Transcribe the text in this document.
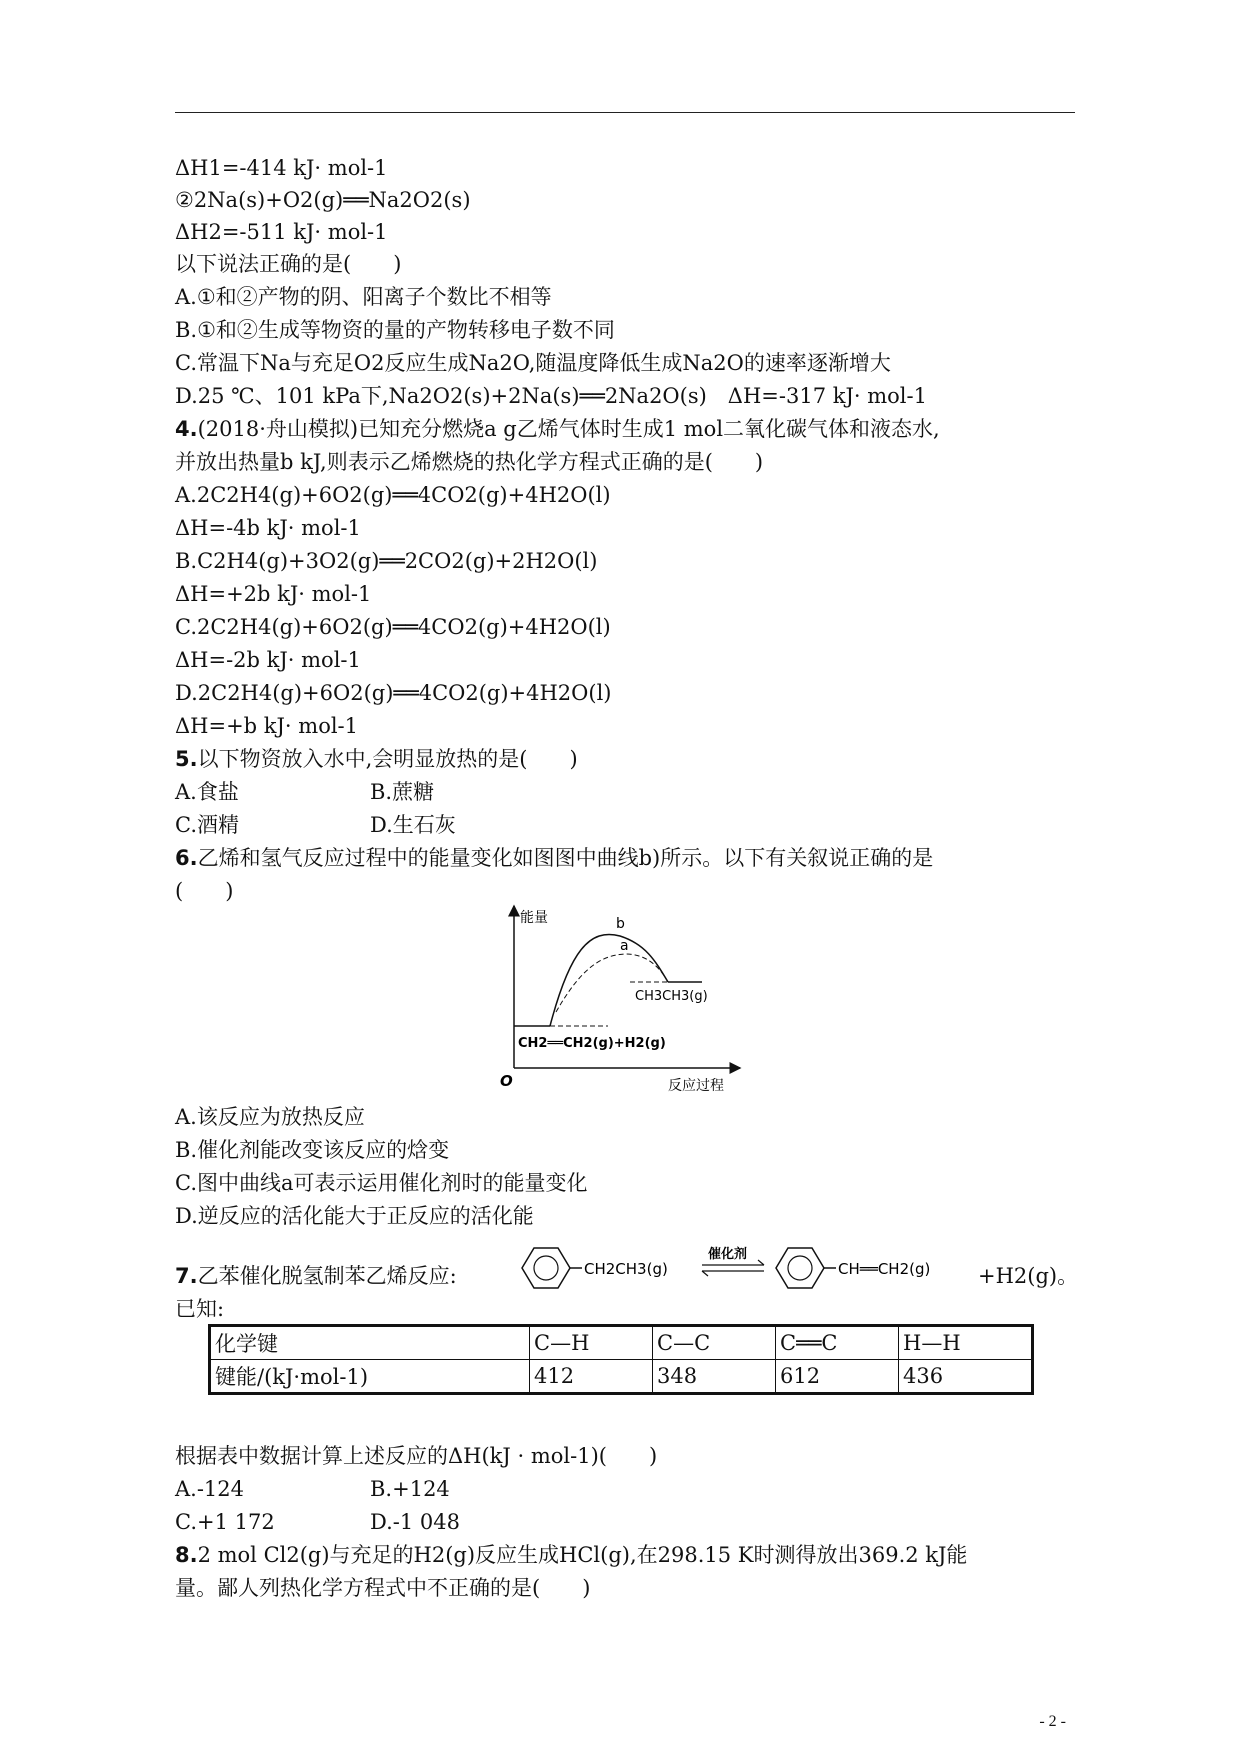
ΔH1=-414 kJ· mol-1
②2Na(s)+O2(g)══Na2O2(s)
ΔH2=-511 kJ· mol-1
以下说法正确的是(　　)
A.①和②产物的阴、阳离子个数比不相等
B.①和②生成等物资的量的产物转移电子数不同
C.常温下Na与充足O2反应生成Na2O,随温度降低生成Na2O的速率逐渐增大
D.25 ℃、101 kPa下,Na2O2(s)+2Na(s)══2Na2O(s)　ΔH=-317 kJ· mol-1
4.(2018·舟山模拟)已知充分燃烧a g乙烯气体时生成1 mol二氧化碳气体和液态水,
并放出热量b kJ,则表示乙烯燃烧的热化学方程式正确的是(　　)
A.2C2H4(g)+6O2(g)══4CO2(g)+4H2O(l)
ΔH=-4b kJ· mol-1
B.C2H4(g)+3O2(g)══2CO2(g)+2H2O(l)
ΔH=+2b kJ· mol-1
C.2C2H4(g)+6O2(g)══4CO2(g)+4H2O(l)
ΔH=-2b kJ· mol-1
D.2C2H4(g)+6O2(g)══4CO2(g)+4H2O(l)
ΔH=+b kJ· mol-1
5.以下物资放入水中,会明显放热的是(　　)
A.食盐	B.蔗糖
C.酒精	D.生石灰
6.乙烯和氢气反应过程中的能量变化如图图中曲线b)所示。以下有关叙说正确的是
(　　)
能量
反应过程
O
b
a
CH3CH3(g)
CH2══CH2(g)+H2(g)
A.该反应为放热反应
B.催化剂能改变该反应的焓变
C.图中曲线a可表示运用催化剂时的能量变化
D.逆反应的活化能大于正反应的活化能
7.乙苯催化脱氢制苯乙烯反应:	CH2CH3(g)
催化剂
CH══CH2(g) +H2(g)。
已知:
化学键	C—H	C—C	C══C	H—H
键能/(kJ·mol-1)	412	348	612	436
根据表中数据计算上述反应的ΔH(kJ · mol-1)(　　)
A.-124	B.+124
C.+1 172	D.-1 048
8.2 mol Cl2(g)与充足的H2(g)反应生成HCl(g),在298.15 K时测得放出369.2 kJ能
量。鄙人列热化学方程式中不正确的是(　　)
- 2 -
